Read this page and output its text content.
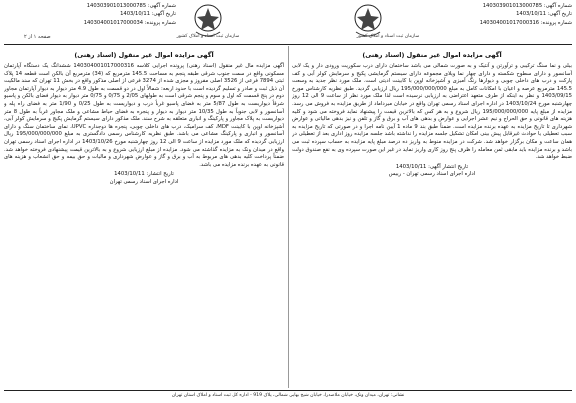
شماره آگهی: 140303901013000785
تاریخ آگهی: 1403/10/11
شماره پرونده: 140304001017000034
سازمان ثبت اسناد و املاک کشور	سازمان ثبت اسناد و املاک کشور
شماره آگهی: 140303901013000785
تاریخ آگهی: 1403/10/11
شماره پرونده: 140304001017000316
صفحه ۱ از ۲
آگهی مزایده اموال غیر منقول (اسناد رهنی)
آگهی مزایده مال غیر منقول (اسناد رهنی) پرونده اجرایی کلاسه 140304001017000316 ششدانگ یک دستگاه آپارتمان مسکونی واقع در سمت جنوب شرقی طبقه پنجم به مساحت 145.5 مترمربع که (34) مترمربع آن بالکن است قطعه 14 پلاک ثبتی 7894 فرعی از 3526 اصلی مفروز و مجزی شده از 3274 فرعی از اصلی مذکور واقع در بخش 11 تهران که سند مالکیت آن ذیل ثبت و صادر و تسلیم گردیده است با حدود اربعه: شمالاً اول در دو قسمت به طول 4.9 متر دیوار به دیوار آپارتمان مجاور دوم در پنج قسمت که اول و سوم و پنجم شرقی است به طولهای 2/05 و 0/75 و 0/75 متر دیوار به دیوار فضای بالکن و پاسیو شرقاً دیواریست به طول 5/87 متر به فضای پاسیو غرباً درب و دیواریست به طول 0/25 و 1/90 متر به فضای راه پله و آسانسور و لابی جنوباً به طول 10/35 متر دیوار به دیوار و پنجره به فضای حیاط مشاعی و ملک مجاور غرباً به طول 8 متر دیواریست به پلاک مجاور و پارکینگ و انباری متعلقه به شرح سند. ملک مذکور دارای سیستم گرمایش پکیج و سرمایش کولر آبی، آشپزخانه اوپن با کابینت MDF، کف سرامیک، درب های داخلی چوبی، پنجره ها دوجداره UPVC، نمای ساختمان سنگ و دارای آسانسور و انباری و پارکینگ مشاعی می باشد. طبق نظریه کارشناس رسمی دادگستری به مبلغ 195/000/000/000 ریال ارزیابی گردیده که ملک مورد مزایده از ساعت 9 الی 12 روز چهارشنبه مورخ 1403/10/26 در اداره اجرای اسناد رسمی تهران واقع در میدان ونک به مزایده گذاشته می شود. مزایده از مبلغ ارزیابی شروع و به بالاترین قیمت پیشنهادی فروخته خواهد شد. ضمناً پرداخت کلیه بدهی های مربوط به آب و برق و گاز و عوارض شهرداری و مالیات و حق بیمه و حق انشعاب و هزینه های قانونی به عهده برنده مزایده می باشد.
تاریخ انتشار: 1403/10/11
اداره اجرای اسناد رسمی تهران
آگهی مزایده اموال غیر منقول (اسناد رهنی)
بیلی و نما سنگ ترکیبی و ترآورتن و آنتیک و به صورت شمالی می باشد ساختمان دارای درب سکوریت ورودی دار و یک لابی آسانسور و دارای سطوح شکسته و دارای چهار نما ویلای مجموعه دارای سیستم گرمایشی پکیج و سرمایش کولر آبی و کف پارکت و درب های داخلی چوبی و دیوارها رنگ آمیزی و آشپزخانه اوپن با کابینت ادیتی است. ملک مورد نظر جدید به وسعت 145.5 مترمربع عرصه و اعیان با امکانات کامل به مبلغ 195/000/000/000 ریال ارزیابی گردید. طبق نظریه کارشناس مورخ 1403/09/15 و نظر به اینکه از طرف متعهد اعتراضی به ارزیابی نرسیده است لذا ملک مورد نظر از ساعت 9 الی 12 روز چهارشنبه مورخ 1403/10/24 در اداره اجرای اسناد رسمی تهران واقع در خیابان میرداماد از طریق مزایده به فروش می رسد. مزایده از مبلغ پایه 195/000/000/000 ریال شروع و به هر کس که بالاترین قیمت را پیشنهاد نماید فروخته می شود و کلیه هزینه های قانونی و حق الحراج و نیم عشر اجرایی و عوارض و بدهی های آب و برق و گاز و تلفن و نیز بدهی مالیاتی و عوارض شهرداری تا تاریخ مزایده به عهده برنده مزایده است. ضمناً طبق بند 9 ماده 1 آیین نامه اجرا و در صورتی که تاریخ مزایده به سبب تعطیلی یا حوادث غیرقابل پیش بینی امکان تشکیل جلسه مزایده را نداشته باشد جلسه مزایده روز اداری بعد از تعطیلی در همان ساعت و مکان برگزار خواهد شد. شرکت در مزایده منوط به واریز ده درصد مبلغ پایه مزایده به حساب سپرده ثبت می باشد و برنده مزایده باید مابقی ثمن معامله را ظرف پنج روز کاری واریز نماید در غیر این صورت سپرده وی به نفع صندوق دولت ضبط خواهد شد.
تاریخ انتشار آگهی: 1403/10/11
اداره اجرای اسناد رسمی تهران - رییس
نشانی: تهران، میدان ونک، خیابان ملاصدرا، خیابان شیخ بهایی شمالی، پلاک 919 - اداره کل ثبت اسناد و املاک استان تهران
